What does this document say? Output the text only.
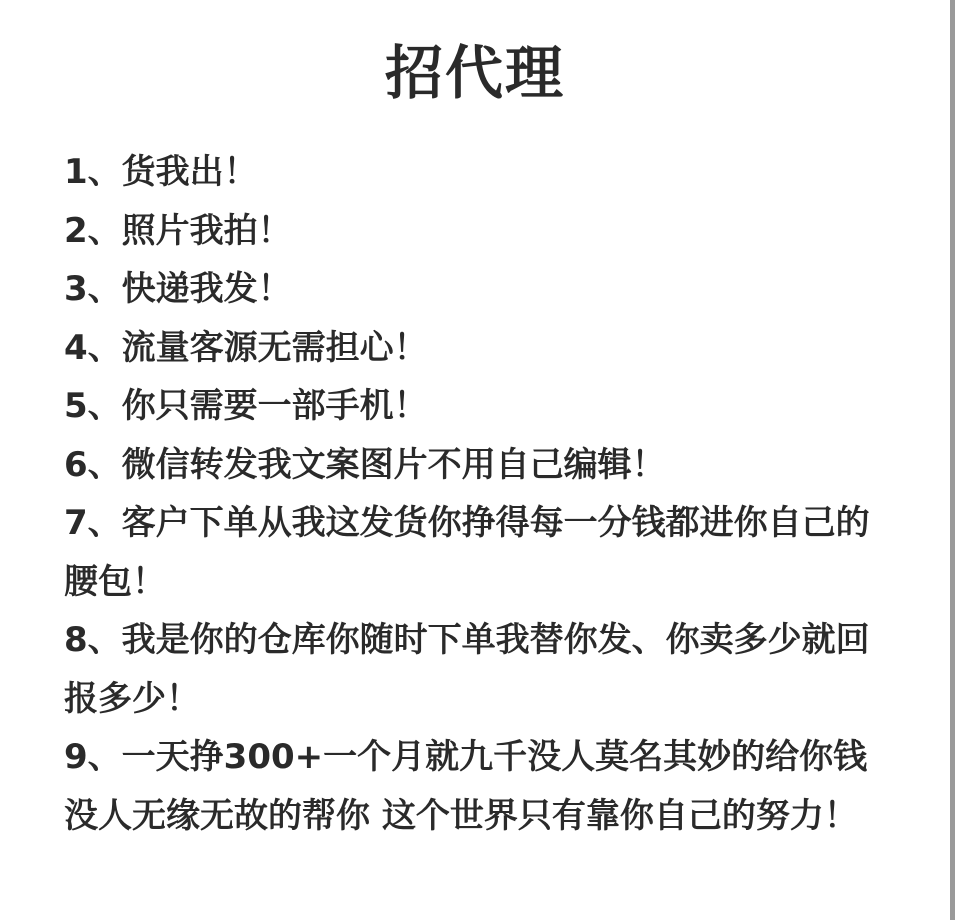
招代理

1、货我出！

2、照片我拍！

3、快递我发！

4、流量客源无需担心！

5、你只需要一部手机！

6、微信转发我文案图片不用自己编辑！

7、客户下单从我这发货你挣得每一分钱都进你自己的腰包！

8、我是你的仓库你随时下单我替你发、你卖多少就回报多少！

9、一天挣300+一个月就九千没人莫名其妙的给你钱没人无缘无故的帮你 这个世界只有靠你自己的努力！
